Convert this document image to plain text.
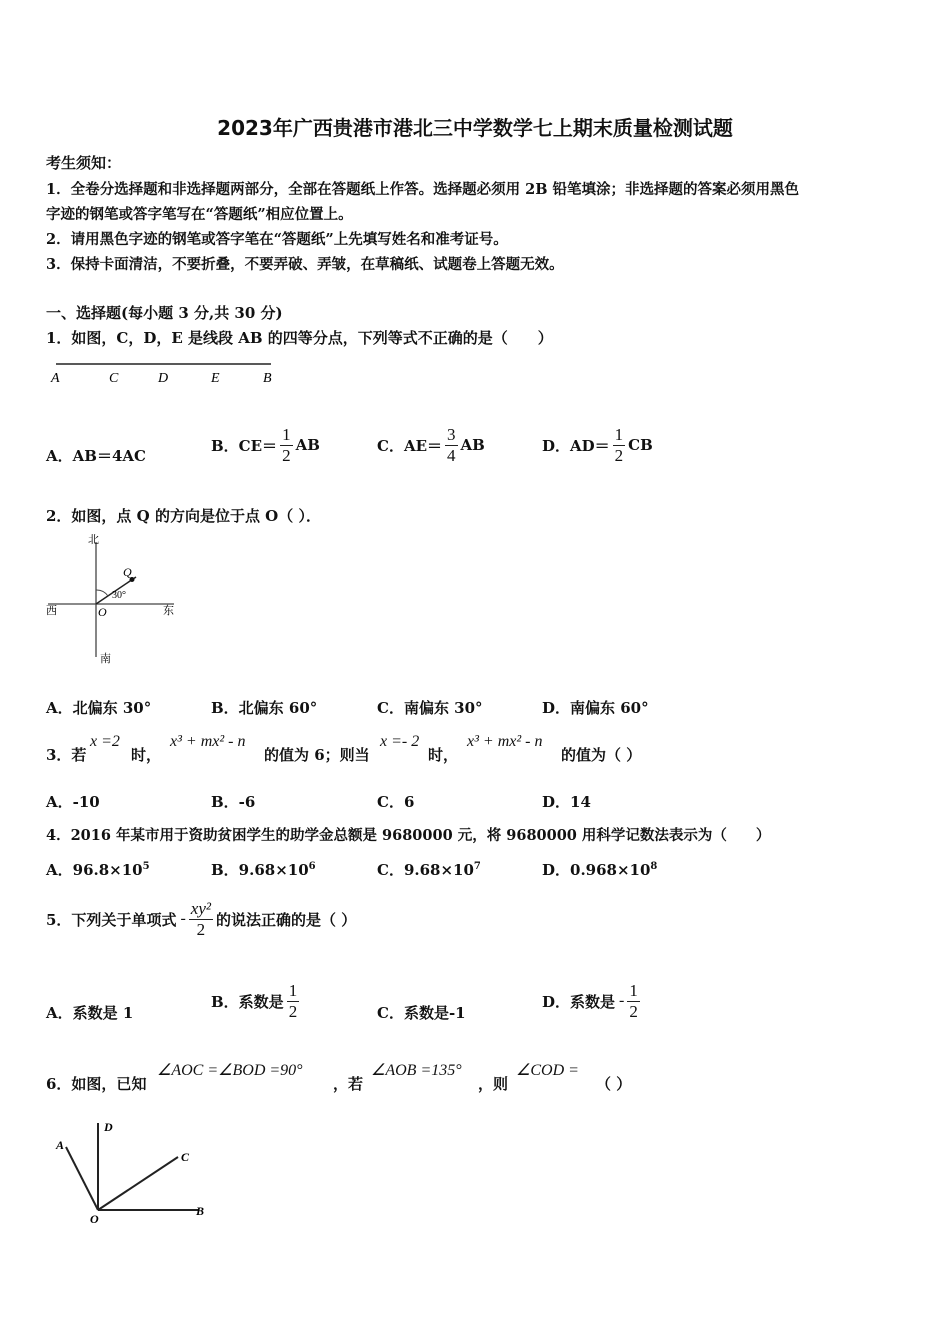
2023年广西贵港市港北三中学数学七上期末质量检测试题
考生须知：
1．全卷分选择题和非选择题两部分，全部在答题纸上作答。选择题必须用 2B 铅笔填涂；非选择题的答案必须用黑色
字迹的钢笔或答字笔写在“答题纸”相应位置上。
2．请用黑色字迹的钢笔或答字笔在“答题纸”上先填写姓名和准考证号。
3．保持卡面清洁，不要折叠，不要弄破、弄皱，在草稿纸、试题卷上答题无效。
一、选择题(每小题 3 分,共 30 分)
1．如图，C，D，E 是线段 AB 的四等分点，下列等式不正确的是（　　）
A	C	D	E	B
A．AB＝4AC
B．$CE= \frac{1}{2}$ AB	C．$AE= \frac{3}{4}$ AB	D．$AD= \frac{1}{2}$ CB
2．如图，点 Q 的方向是位于点 O（ ）．
北
南
西	东
O
Q
30°
A．北偏东 30°	B．北偏东 60°	C．南偏东 30°	D．南偏东 60°
3．若
x =2
时，
x³ + mx² - n
的值为 6；则当
x =- 2
时，
x³ + mx² - n
的值为（ ）
A．-10	B．-6	C．6	D．14
4．2016 年某市用于资助贫困学生的助学金总额是 9680000 元，将 9680000 用科学记数法表示为（　　）
A．$96.8\times 10^5$	B．$9.68\times 10^6$	C．$9.68\times 10^7$	D．$0.968\times 10^8$
5．下列关于单项式 - $\frac{\text{xy²}}{2}$ 的说法正确的是（ ）
A．系数是 1
B．系数是 $\frac{1}{2}$	C．系数是-1
D．系数是 - $\frac{1}{2}$
6．如图，已知
∠AOC =∠BOD =90°
，若
∠AOB =135°
，则
∠COD =
（ ）
A
D
C
O
B
